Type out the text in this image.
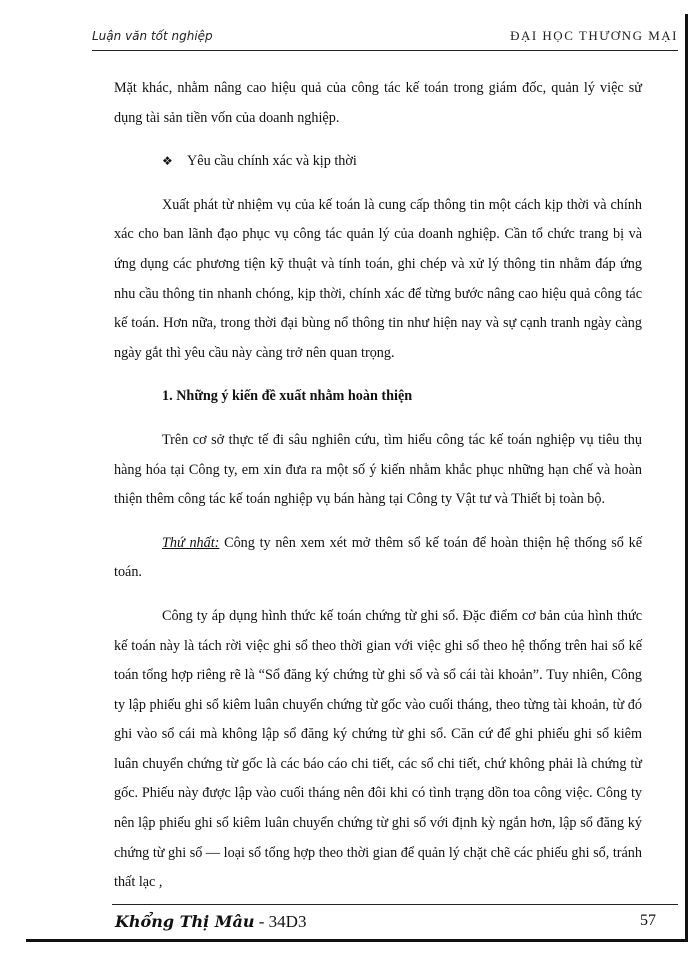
Luận văn tốt nghiệp	ĐẠI HỌC THƯƠNG MẠI

Mặt khác, nhằm nâng cao hiệu quả của công tác kế toán trong giám đốc, quản lý việc sử dụng tài sản tiền vốn của doanh nghiệp.

❖ Yêu cầu chính xác và kịp thời

Xuất phát từ nhiệm vụ của kế toán là cung cấp thông tin một cách kịp thời và chính xác cho ban lãnh đạo phục vụ công tác quản lý của doanh nghiệp. Cần tổ chức trang bị và ứng dụng các phương tiện kỹ thuật và tính toán, ghi chép và xử lý thông tin nhằm đáp ứng nhu cầu thông tin nhanh chóng, kịp thời, chính xác để từng bước nâng cao hiệu quả công tác kế toán. Hơn nữa, trong thời đại bùng nổ thông tin như hiện nay và sự cạnh tranh ngày càng ngày gắt thì yêu cầu này càng trở nên quan trọng.

1. Những ý kiến đề xuất nhằm hoàn thiện

Trên cơ sở thực tế đi sâu nghiên cứu, tìm hiểu công tác kế toán nghiệp vụ tiêu thụ hàng hóa tại Công ty, em xin đưa ra một số ý kiến nhằm khắc phục những hạn chế và hoàn thiện thêm công tác kế toán nghiệp vụ bán hàng tại Công ty Vật tư và Thiết bị toàn bộ.

Thứ nhất: Công ty nên xem xét mở thêm sổ kế toán để hoàn thiện hệ thống sổ kế toán.

Công ty áp dụng hình thức kế toán chứng từ ghi sổ. Đặc điểm cơ bản của hình thức kế toán này là tách rời việc ghi sổ theo thời gian với việc ghi sổ theo hệ thống trên hai sổ kế toán tổng hợp riêng rẽ là “Sổ đăng ký chứng từ ghi sổ và sổ cái tài khoản”. Tuy nhiên, Công ty lập phiếu ghi sổ kiêm luân chuyển chứng từ gốc vào cuối tháng, theo từng tài khoản, từ đó ghi vào sổ cái mà không lập sổ đăng ký chứng từ ghi sổ. Căn cứ để ghi phiếu ghi sổ kiêm luân chuyển chứng từ gốc là các báo cáo chi tiết, các sổ chi tiết, chứ không phải là chứng từ gốc. Phiếu này được lập vào cuối tháng nên đôi khi có tình trạng dồn toa công việc. Công ty nên lập phiếu ghi sổ kiêm luân chuyển chứng từ ghi sổ với định kỳ ngắn hơn, lập sổ đăng ký chứng từ ghi sổ — loại sổ tổng hợp theo thời gian để quản lý chặt chẽ các phiếu ghi sổ, tránh thất lạc ,

Khổng Thị Mâu - 34D3	57
